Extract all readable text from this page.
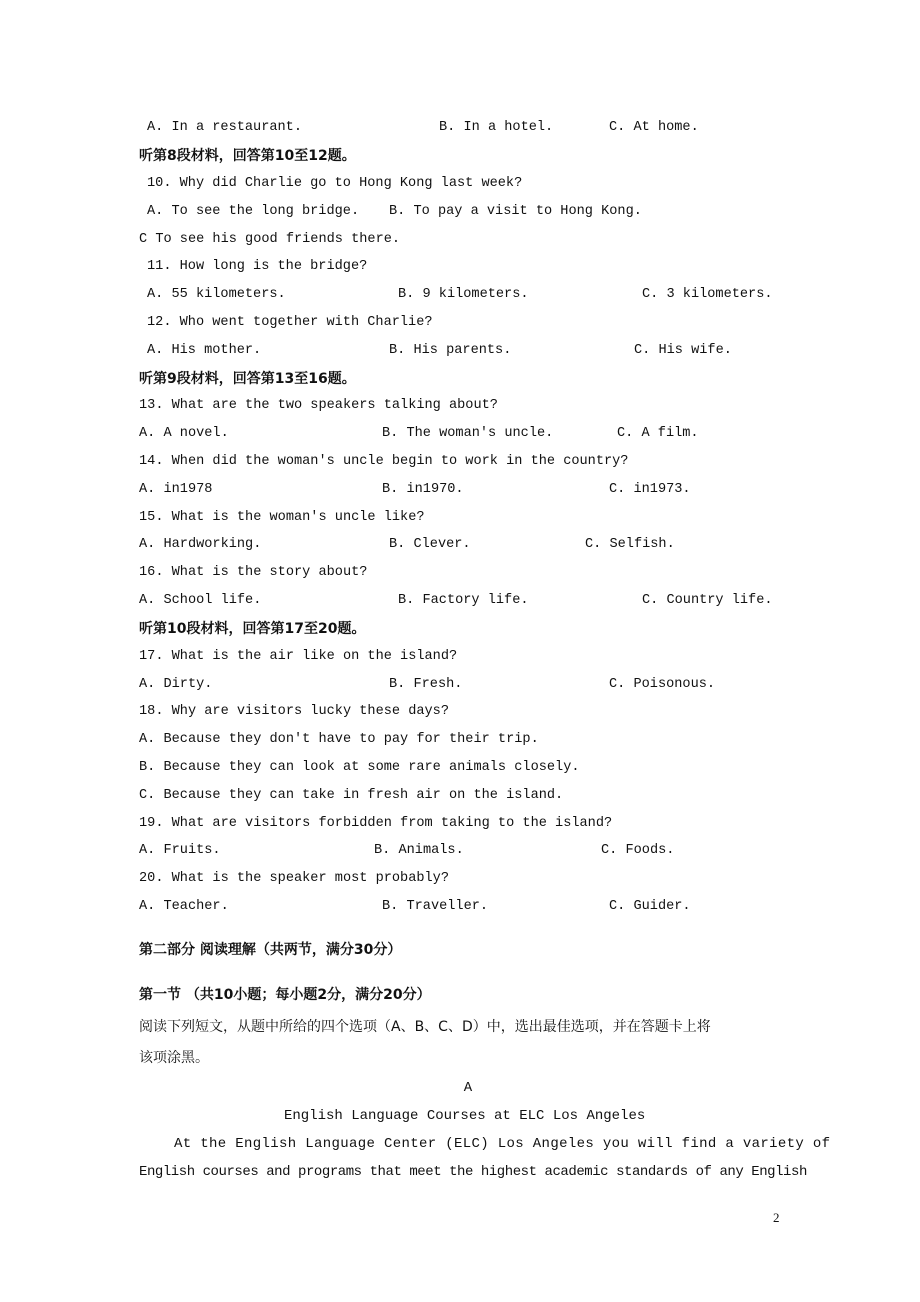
A. In a restaurant.	B. In a hotel.	C. At home.
听第8段材料，回答第10至12题。
10. Why did Charlie go to Hong Kong last week?
A. To see the long bridge. B. To pay a visit to Hong Kong.
C To see his good friends there.
11. How long is the bridge?
A. 55 kilometers.	B. 9 kilometers.	C. 3 kilometers.
12. Who went together with Charlie?
A. His mother.	B. His parents.	C. His wife.
听第9段材料，回答第13至16题。
13. What are the two speakers talking about?
A. A novel.	B. The woman's uncle.	C. A film.
14. When did the woman's uncle begin to work in the country?
A. in1978	B. in1970.	C. in1973.
15. What is the woman's uncle like?
A. Hardworking.	B. Clever.	C. Selfish.
16. What is the story about?
A. School life.	B. Factory life.	C. Country life.
听第10段材料，回答第17至20题。
17. What is the air like on the island?
A. Dirty.	B. Fresh.	C. Poisonous.
18. Why are visitors lucky these days?
A. Because they don't have to pay for their trip.
B. Because they can look at some rare animals closely.
C. Because they can take in fresh air on the island.
19. What are visitors forbidden from taking to the island?
A. Fruits.	B. Animals.	C. Foods.
20. What is the speaker most probably?
A. Teacher.	B. Traveller.	C. Guider.
第二部分 阅读理解（共两节，满分30分）
第一节 （共10小题；每小题2分，满分20分）
阅读下列短文，从题中所给的四个选项（A、B、C、D）中，选出最佳选项，并在答题卡上将
该项涂黑。
A
English Language Courses at ELC Los Angeles
At the English Language Center (ELC) Los Angeles you will find a variety of
English courses and programs that meet the highest academic standards of any English
2
